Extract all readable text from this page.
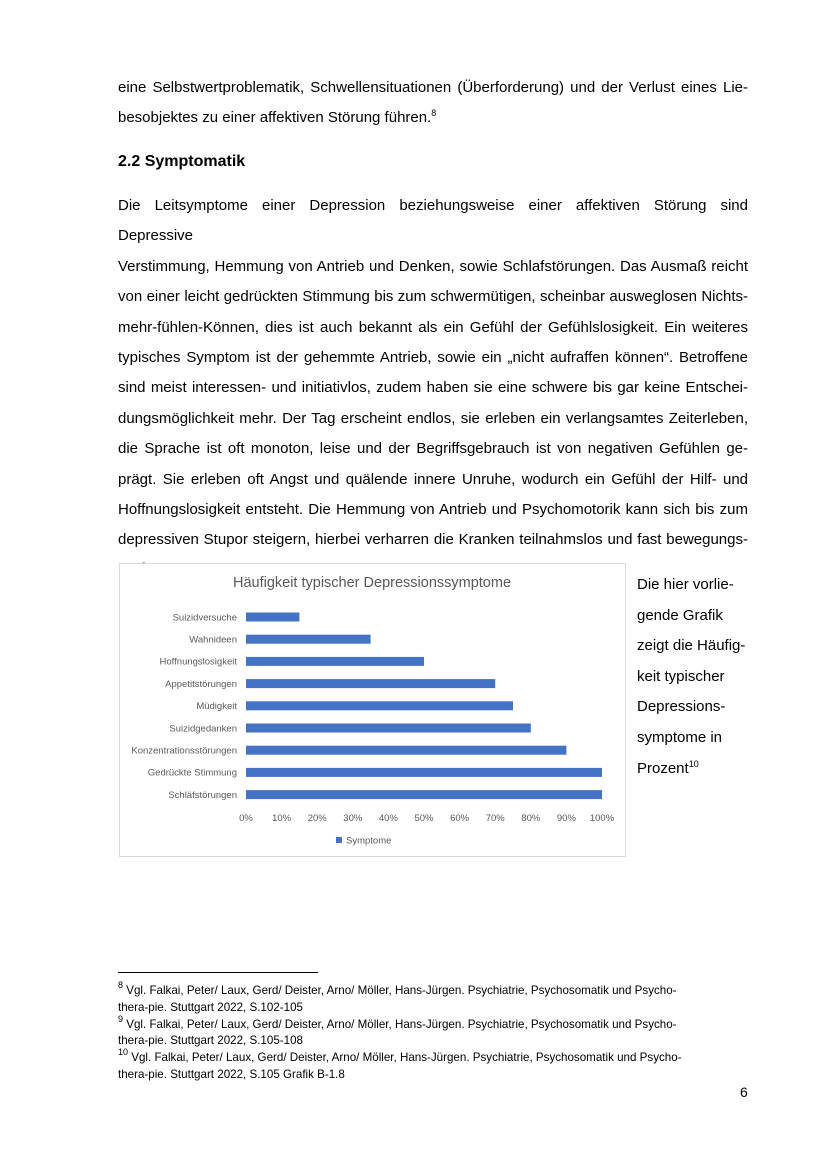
eine Selbstwertproblematik, Schwellensituationen (Überforderung) und der Verlust eines Lie-
besobjektes zu einer affektiven Störung führen.$^8$

2.2 Symptomatik

Die Leitsymptome einer Depression beziehungsweise einer affektiven Störung sind Depressive
Verstimmung, Hemmung von Antrieb und Denken, sowie Schlafstörungen. Das Ausmaß reicht
von einer leicht gedrückten Stimmung bis zum schwermütigen, scheinbar ausweglosen Nichts-
mehr-fühlen-Können, dies ist auch bekannt als ein Gefühl der Gefühlslosigkeit. Ein weiteres
typisches Symptom ist der gehemmte Antrieb, sowie ein „nicht aufraffen können“. Betroffene
sind meist interessen- und initiativlos, zudem haben sie eine schwere bis gar keine Entschei-
dungsmöglichkeit mehr. Der Tag erscheint endlos, sie erleben ein verlangsamtes Zeiterleben,
die Sprache ist oft monoton, leise und der Begriffsgebrauch ist von negativen Gefühlen ge-
prägt. Sie erleben oft Angst und quälende innere Unruhe, wodurch ein Gefühl der Hilf- und
Hoffnungslosigkeit entsteht. Die Hemmung von Antrieb und Psychomotorik kann sich bis zum
depressiven Stupor steigern, hierbei verharren die Kranken teilnahmslos und fast bewegungs-

Häufigkeit typischer Depressionssymptome
Suizidversuche
Wahnideen
Hoffnungslosigkeit
Appetitstörungen
Müdigkeit
Suizidgedanken
Konzentrationsstörungen
Gedrückte Stimmung
Schläfstörungen
0% 10% 20% 30% 40% 50% 60% 70% 80% 90% 100%
Symptome

Die hier vorlie-
gende Grafik
zeigt die Häufig-
keit typischer
Depressions-
symptome in
Prozent$^{10}$

$^8$ Vgl. Falkai, Peter/ Laux, Gerd/ Deister, Arno/ Möller, Hans-Jürgen. Psychiatrie, Psychosomatik und Psycho-
thera-pie. Stuttgart 2022, S.102-105

$^9$ Vgl. Falkai, Peter/ Laux, Gerd/ Deister, Arno/ Möller, Hans-Jürgen. Psychiatrie, Psychosomatik und Psycho-
thera-pie. Stuttgart 2022, S.105-108

$^{10}$ Vgl. Falkai, Peter/ Laux, Gerd/ Deister, Arno/ Möller, Hans-Jürgen. Psychiatrie, Psychosomatik und Psycho-
thera-pie. Stuttgart 2022, S.105 Grafik B-1.8

6
